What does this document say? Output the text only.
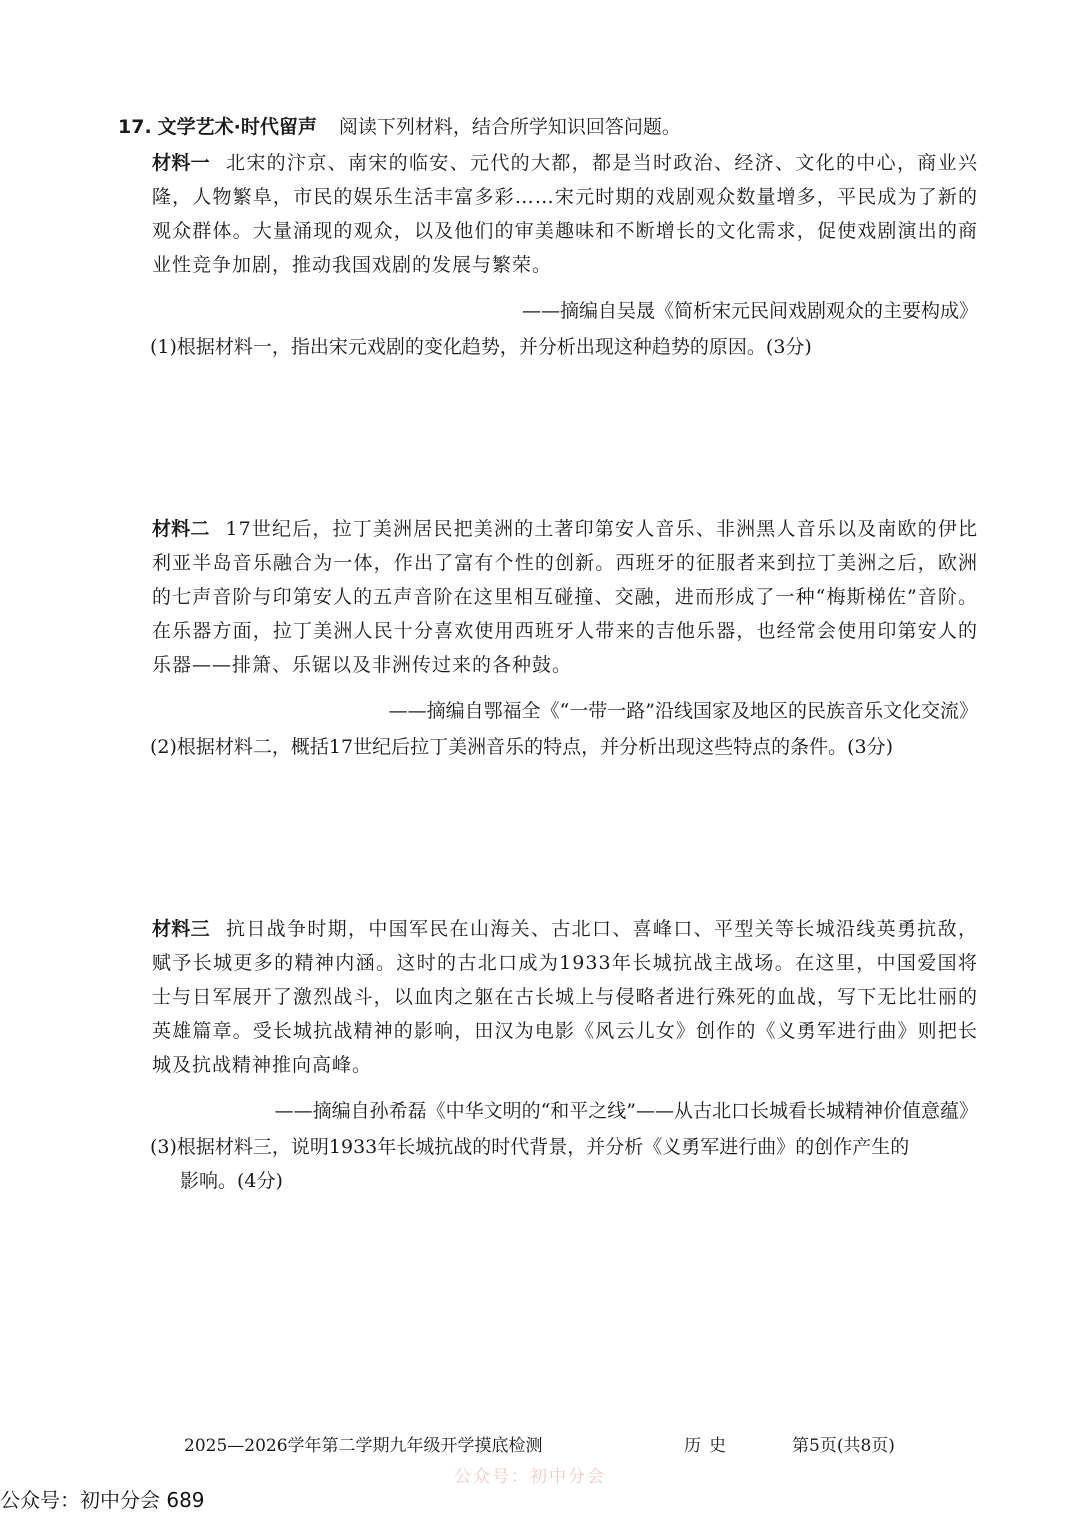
17. 文学艺术·时代留声 阅读下列材料，结合所学知识回答问题。
材料一 北宋的汴京、南宋的临安、元代的大都，都是当时政治、经济、文化的中心，商业兴隆，人物繁阜，市民的娱乐生活丰富多彩……宋元时期的戏剧观众数量增多，平民成为了新的观众群体。大量涌现的观众，以及他们的审美趣味和不断增长的文化需求，促使戏剧演出的商业性竞争加剧，推动我国戏剧的发展与繁荣。
——摘编自吴晟《简析宋元民间戏剧观众的主要构成》
(1)根据材料一，指出宋元戏剧的变化趋势，并分析出现这种趋势的原因。(3分)
材料二 17世纪后，拉丁美洲居民把美洲的土著印第安人音乐、非洲黑人音乐以及南欧的伊比利亚半岛音乐融合为一体，作出了富有个性的创新。西班牙的征服者来到拉丁美洲之后，欧洲的七声音阶与印第安人的五声音阶在这里相互碰撞、交融，进而形成了一种“梅斯梯佐”音阶。在乐器方面，拉丁美洲人民十分喜欢使用西班牙人带来的吉他乐器，也经常会使用印第安人的乐器——排箫、乐锯以及非洲传过来的各种鼓。
——摘编自鄂福全《“一带一路”沿线国家及地区的民族音乐文化交流》
(2)根据材料二，概括17世纪后拉丁美洲音乐的特点，并分析出现这些特点的条件。(3分)
材料三 抗日战争时期，中国军民在山海关、古北口、喜峰口、平型关等长城沿线英勇抗敌，赋予长城更多的精神内涵。这时的古北口成为1933年长城抗战主战场。在这里，中国爱国将士与日军展开了激烈战斗，以血肉之躯在古长城上与侵略者进行殊死的血战，写下无比壮丽的英雄篇章。受长城抗战精神的影响，田汉为电影《风云儿女》创作的《义勇军进行曲》则把长城及抗战精神推向高峰。
——摘编自孙希磊《中华文明的“和平之线”——从古北口长城看长城精神价值意蕴》
(3)根据材料三，说明1933年长城抗战的时代背景，并分析《义勇军进行曲》的创作产生的
影响。(4分)
2025—2026学年第二学期九年级开学摸底检测	历史	第5页(共8页)
公众号：初中分会
公众号：初中分会 689
